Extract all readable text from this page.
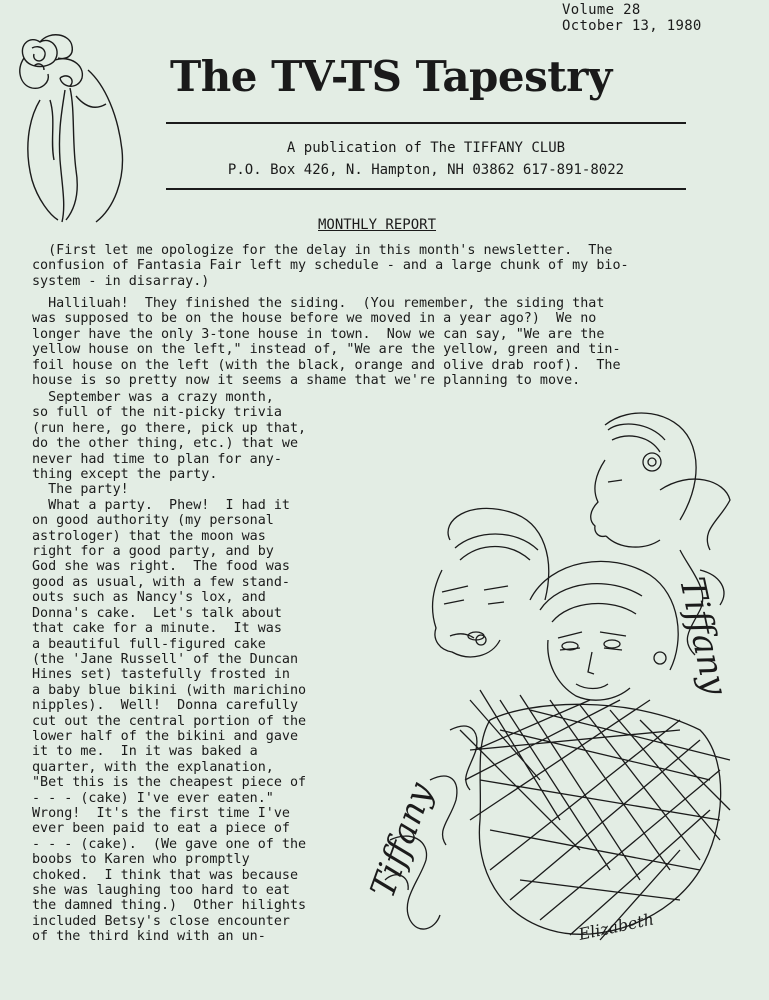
Volume 28
October 13, 1980
The TV-TS Tapestry
A publication of The TIFFANY CLUB
P.O. Box 426, N. Hampton, NH 03862 617-891-8022
MONTHLY REPORT
(First let me opologize for the delay in this month's newsletter.  The
confusion of Fantasia Fair left my schedule - and a large chunk of my bio-
system - in disarray.)
Halliluah!  They finished the siding.  (You remember, the siding that
was supposed to be on the house before we moved in a year ago?)  We no
longer have the only 3-tone house in town.  Now we can say, "We are the
yellow house on the left," instead of, "We are the yellow, green and tin-
foil house on the left (with the black, orange and olive drab roof).  The
house is so pretty now it seems a shame that we're planning to move.
September was a crazy month,
so full of the nit-picky trivia
(run here, go there, pick up that,
do the other thing, etc.) that we
never had time to plan for any-
thing except the party.
The party!
What a party.  Phew!  I had it
on good authority (my personal
astrologer) that the moon was
right for a good party, and by
God she was right.  The food was
good as usual, with a few stand-
outs such as Nancy's lox, and
Donna's cake.  Let's talk about
that cake for a minute.  It was
a beautiful full-figured cake
(the 'Jane Russell' of the Duncan
Hines set) tastefully frosted in
a baby blue bikini (with marichino
nipples).  Well!  Donna carefully
cut out the central portion of the
lower half of the bikini and gave
it to me.  In it was baked a
quarter, with the explanation,
"Bet this is the cheapest piece of
- - - (cake) I've ever eaten."
Wrong!  It's the first time I've
ever been paid to eat a piece of
- - - (cake).  (We gave one of the
boobs to Karen who promptly
choked.  I think that was because
she was laughing too hard to eat
the damned thing.)  Other hilights
included Betsy's close encounter
of the third kind with an un-
Tiffany
Tiffany
Elizabeth
